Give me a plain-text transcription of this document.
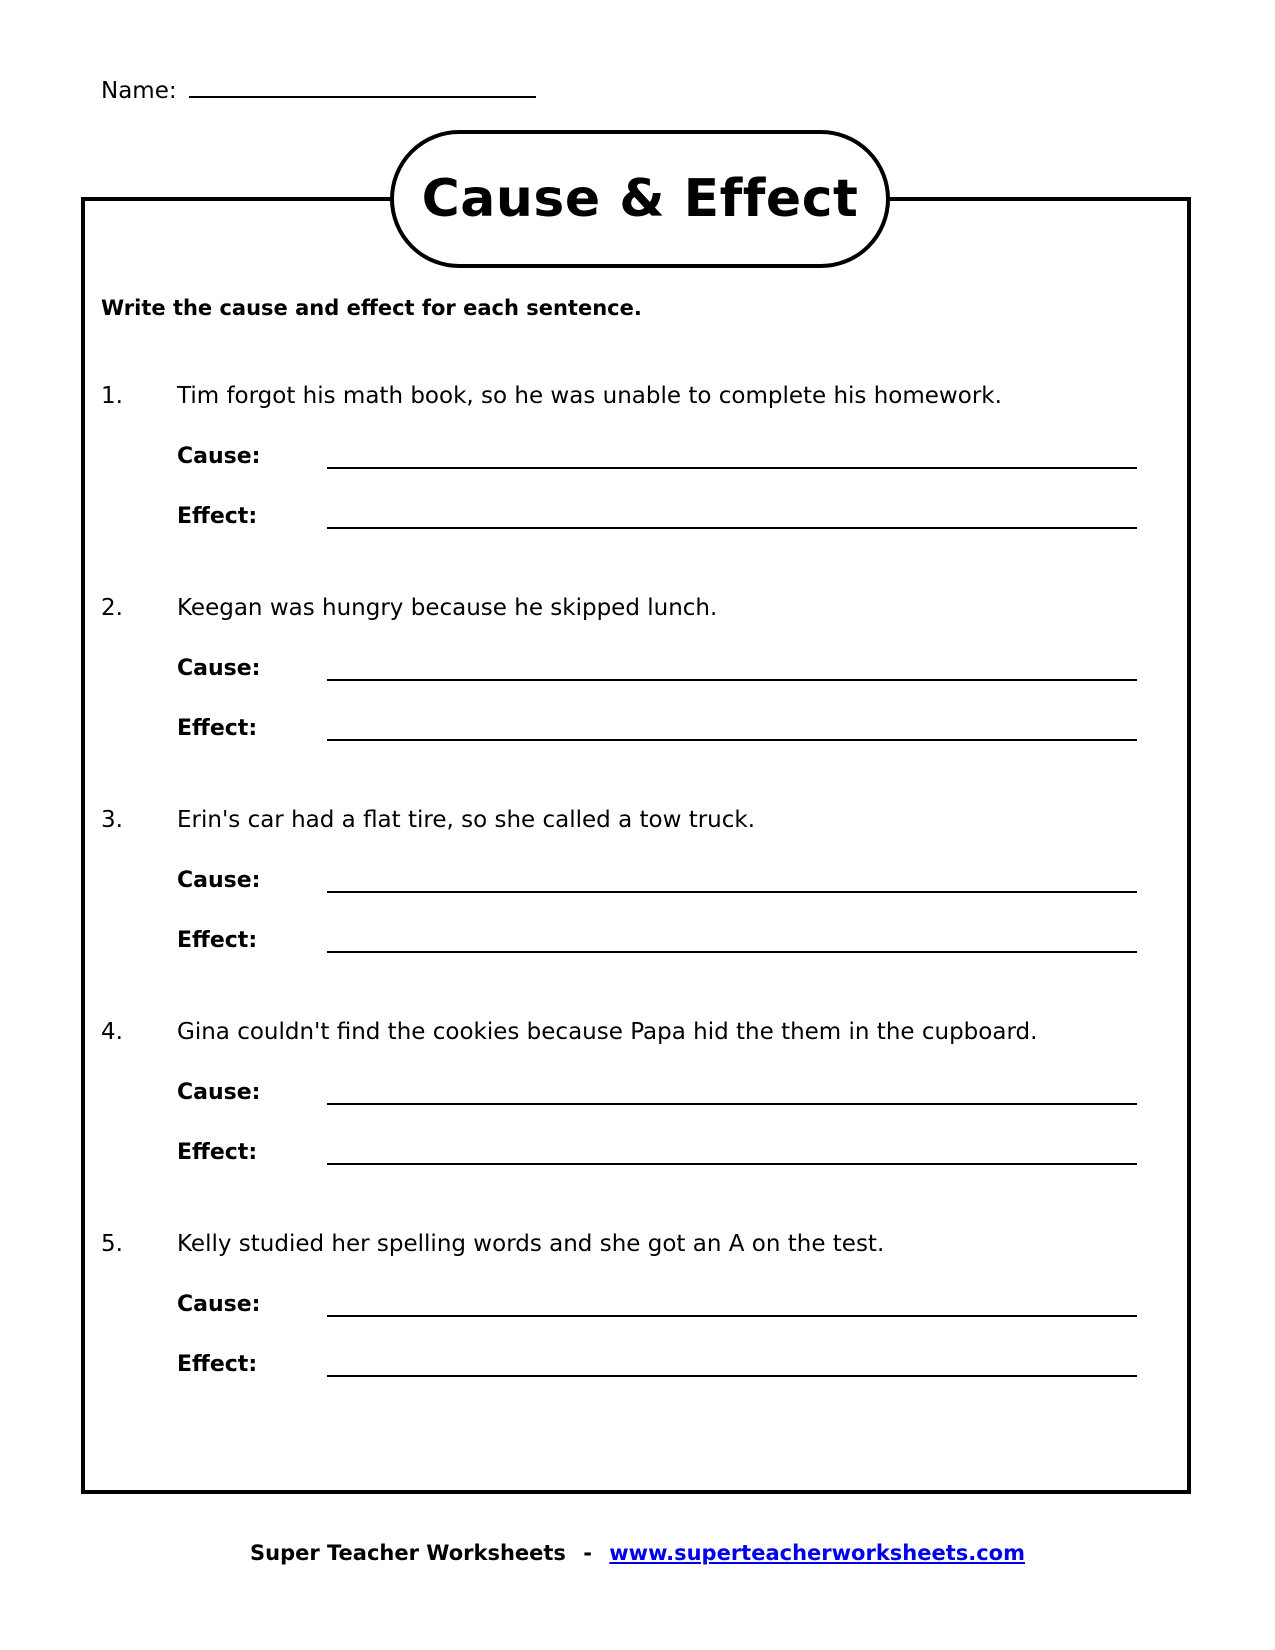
Name:
Cause & Effect
Write the cause and effect for each sentence.
1.	Tim forgot his math book, so he was unable to complete his homework.
Cause:
Effect:
2.	Keegan was hungry because he skipped lunch.
Cause:
Effect:
3.	Erin's car had a flat tire, so she called a tow truck.
Cause:
Effect:
4.	Gina couldn't find the cookies because Papa hid the them in the cupboard.
Cause:
Effect:
5.	Kelly studied her spelling words and she got an A on the test.
Cause:
Effect:
Super Teacher Worksheets - www.superteacherworksheets.com
